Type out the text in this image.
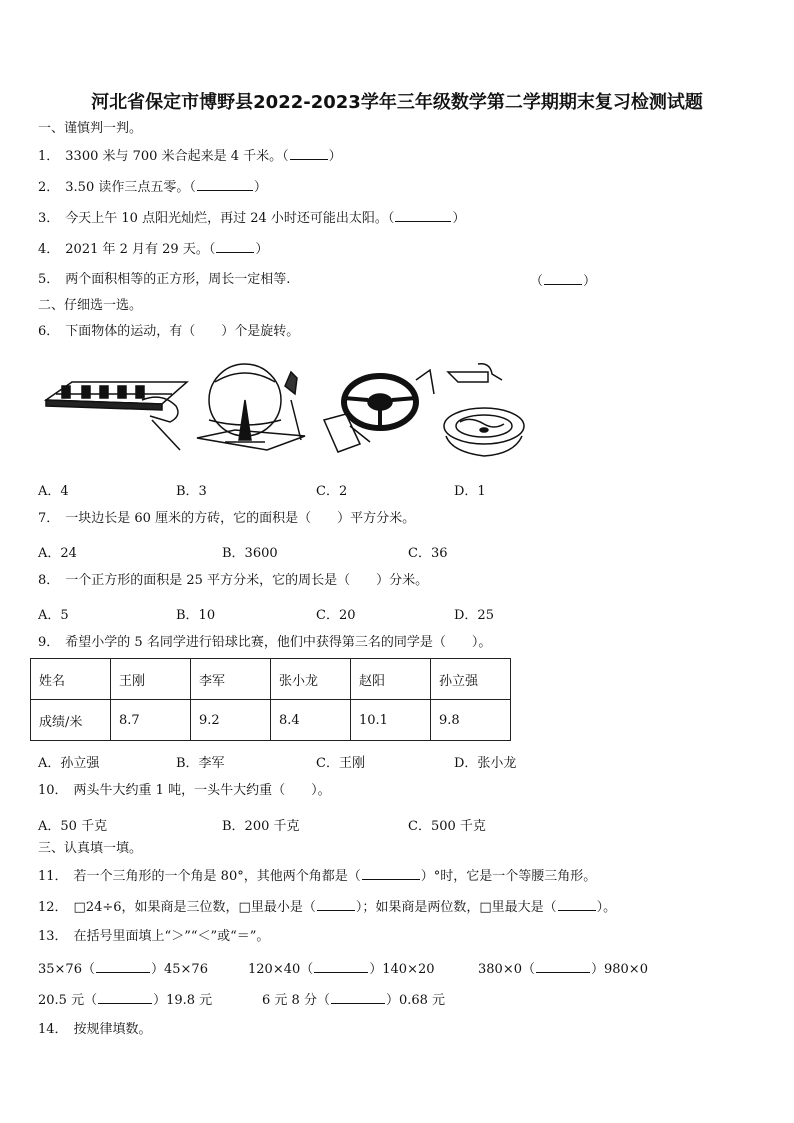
河北省保定市博野县2022-2023学年三年级数学第二学期期末复习检测试题
一、谨慎判一判。
1． 3300 米与 700 米合起来是 4 千米。（	）
2． 3.50 读作三点五零。（	）
3． 今天上午 10 点阳光灿烂，再过 24 小时还可能出太阳。（	）
4． 2021 年 2 月有 29 天。（	）
5． 两个面积相等的正方形，周长一定相等.	（	）
二、仔细选一选。
6． 下面物体的运动，有（　　）个是旋转。
A．4	B．3	C．2	D．1
7． 一块边长是 60 厘米的方砖，它的面积是（　　）平方分米。
A．24	B．3600	C．36
8． 一个正方形的面积是 25 平方分米，它的周长是（　　）分米。
A．5	B．10	C．20	D．25
9． 希望小学的 5 名同学进行铅球比赛，他们中获得第三名的同学是（　　）。
姓名	王刚	李军	张小龙	赵阳	孙立强
成绩/米	8.7	9.2	8.4	10.1	9.8
A．孙立强	B．李军	C．王刚	D．张小龙
10． 两头牛大约重 1 吨，一头牛大约重（　　）。
A．50 千克	B．200 千克	C．500 千克
三、认真填一填。
11． 若一个三角形的一个角是 80°，其他两个角都是（	）°时，它是一个等腰三角形。
12． □24÷6，如果商是三位数，□里最小是（	）；如果商是两位数，□里最大是（	）。
13． 在括号里面填上“＞”“＜”或“＝”。
35×76（	）45×76	120×40（	）140×20	380×0（	）980×0
20.5 元（	）19.8 元	6 元 8 分（	）0.68 元
14． 按规律填数。
